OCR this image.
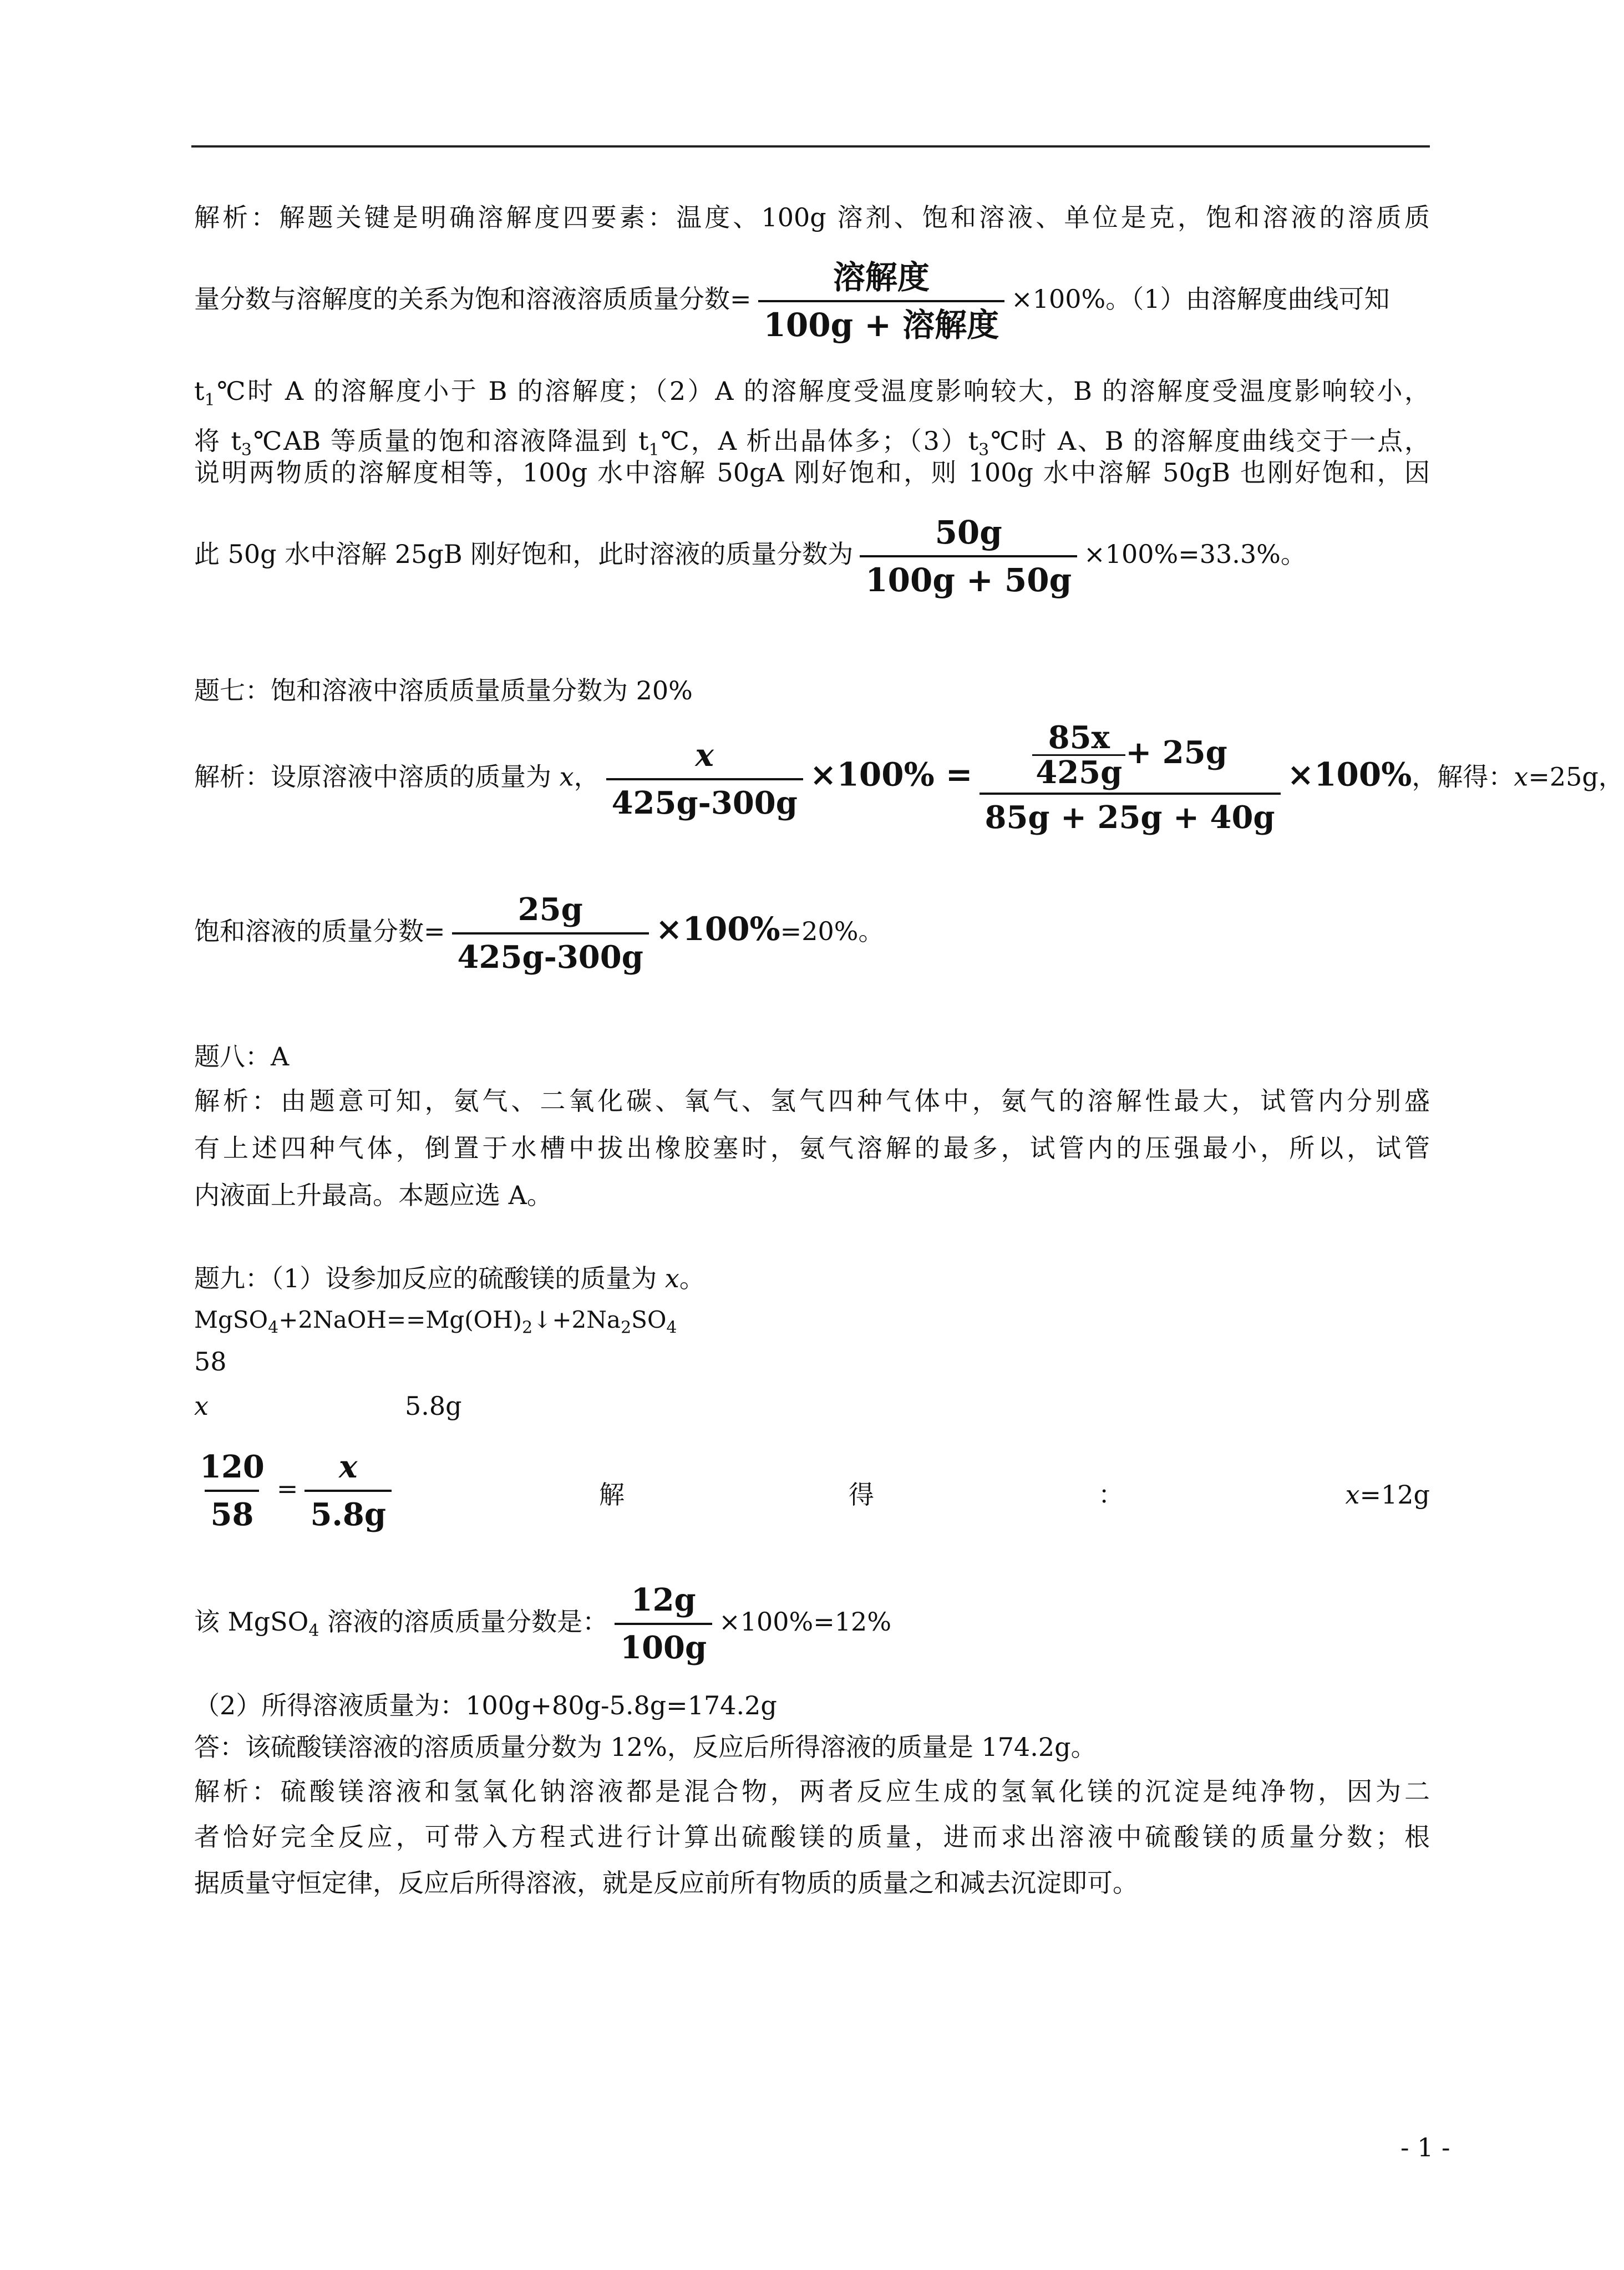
解析：解题关键是明确溶解度四要素：温度、100g 溶剂、饱和溶液、单位是克，饱和溶液的溶质质
量分数与溶解度的关系为饱和溶液溶质质量分数=
溶解度
100g + 溶解度
×100%。（1）由溶解度曲线可知
$t_1℃$时 A 的溶解度小于 B 的溶解度；（2）A 的溶解度受温度影响较大，B 的溶解度受温度影响较小，
将 $t_3℃AB$ 等质量的饱和溶液降温到 $t_1℃$，A 析出晶体多；$(3)t_3℃$时 A、B 的溶解度曲线交于一点，
说明两物质的溶解度相等，100g 水中溶解 50gA 刚好饱和，则 100g 水中溶解 50gB 也刚好饱和，因
此 50g 水中溶解 25gB 刚好饱和，此时溶液的质量分数为 $\frac{50g}{100g + 50g} \times 100\%=33.3\%$。
题七：饱和溶液中溶质质量质量分数为 20%
解析：设原溶液中溶质的质量为 x， $\frac{x}{425g-300g} \times 100\% = \frac{\frac{85x}{425g} + 25g}{85g + 25g + 40g} \times 100\%$，解得：x=25g，
饱和溶液的质量分数= $\frac{25g}{425g-300g} \times 100\%=20\%$。
题八：A
解析：由题意可知，氨气、二氧化碳、氧气、氢气四种气体中，氨气的溶解性最大，试管内分别盛
有上述四种气体，倒置于水槽中拔出橡胶塞时，氨气溶解的最多，试管内的压强最小，所以，试管
内液面上升最高。本题应选 A。
题九：（1）设参加反应的硫酸镁的质量为 x。
$MgSO_4+2NaOH==Mg(OH)_2↓+2Na_2SO_4$
58
x	5.8g
$\frac{120}{58} = \frac{x}{5.8g}$	解	得	：	x=12g
该 MgSO$_4$ 溶液的溶质质量分数是： $\frac{12g}{100g} \times 100\%=12\%$
（2）所得溶液质量为：100g+80g-5.8g=174.2g
答：该硫酸镁溶液的溶质质量分数为 12%，反应后所得溶液的质量是 174.2g。
解析：硫酸镁溶液和氢氧化钠溶液都是混合物，两者反应生成的氢氧化镁的沉淀是纯净物，因为二
者恰好完全反应，可带入方程式进行计算出硫酸镁的质量，进而求出溶液中硫酸镁的质量分数；根
据质量守恒定律，反应后所得溶液，就是反应前所有物质的质量之和减去沉淀即可。
- 1 -
